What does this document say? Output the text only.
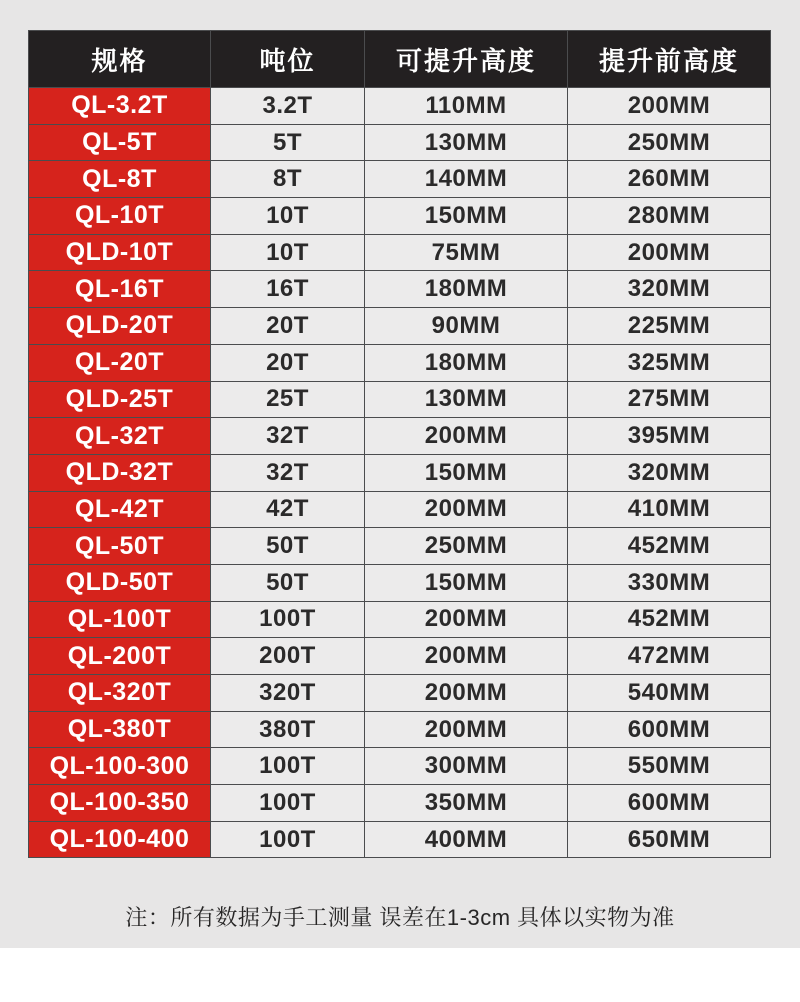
规格	吨位	可提升高度	提升前高度
QL-3.2T	3.2T	110MM	200MM
QL-5T	5T	130MM	250MM
QL-8T	8T	140MM	260MM
QL-10T	10T	150MM	280MM
QLD-10T	10T	75MM	200MM
QL-16T	16T	180MM	320MM
QLD-20T	20T	90MM	225MM
QL-20T	20T	180MM	325MM
QLD-25T	25T	130MM	275MM
QL-32T	32T	200MM	395MM
QLD-32T	32T	150MM	320MM
QL-42T	42T	200MM	410MM
QL-50T	50T	250MM	452MM
QLD-50T	50T	150MM	330MM
QL-100T	100T	200MM	452MM
QL-200T	200T	200MM	472MM
QL-320T	320T	200MM	540MM
QL-380T	380T	200MM	600MM
QL-100-300	100T	300MM	550MM
QL-100-350	100T	350MM	600MM
QL-100-400	100T	400MM	650MM
注：所有数据为手工测量 误差在1-3cm 具体以实物为准
